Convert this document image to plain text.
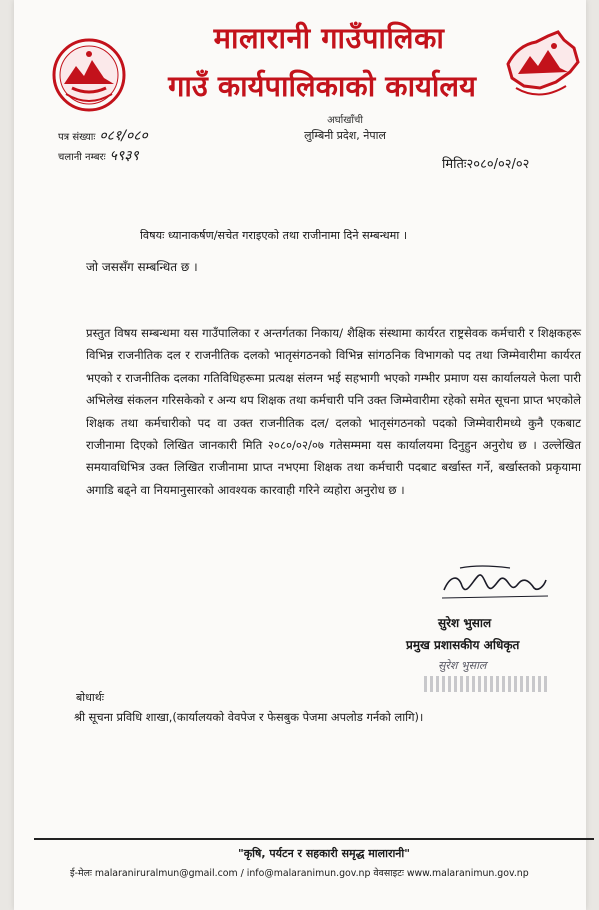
मालारानी गाउँपालिका
गाउँ कार्यपालिकाको कार्यालय
अर्घाखाँची
लुम्बिनी प्रदेश, नेपाल
पत्र संख्याः ०८१/०८०
चलानी नम्बरः ५९३९
मितिः२०८०/०२/०२
विषयः ध्यानाकर्षण/सचेत गराइएको तथा राजीनामा दिने सम्बन्धमा ।
जो जससँग सम्बन्धित छ ।
प्रस्तुत विषय सम्बन्धमा यस गाउँपालिका र अन्तर्गतका निकाय/ शैक्षिक संस्थामा कार्यरत राष्ट्रसेवक कर्मचारी र शिक्षकहरू विभिन्न राजनीतिक दल र राजनीतिक दलको भातृसंगठनको विभिन्न सांगठनिक विभागको पद तथा जिम्मेवारीमा कार्यरत भएको र राजनीतिक दलका गतिविधिहरूमा प्रत्यक्ष संलग्न भई सहभागी भएको गम्भीर प्रमाण यस कार्यालयले फेला पारी अभिलेख संकलन गरिसकेको र अन्य थप शिक्षक तथा कर्मचारी पनि उक्त जिम्मेवारीमा रहेको समेत सूचना प्राप्त भएकोले शिक्षक तथा कर्मचारीको पद वा उक्त राजनीतिक दल/ दलको भातृसंगठनको पदको जिम्मेवारीमध्ये कुनै एकबाट राजीनामा दिएको लिखित जानकारी मिति २०८०/०२/०७ गतेसम्ममा यस कार्यालयमा दिनुहुन अनुरोध छ । उल्लेखित समयावधिभित्र उक्त लिखित राजीनामा प्राप्त नभएमा शिक्षक तथा कर्मचारी पदबाट बर्खास्त गर्ने, बर्खास्तको प्रकृयामा अगाडि बढ्ने वा नियमानुसारको आवश्यक कारवाही गरिने व्यहोरा अनुरोध छ ।
सुरेश भुसाल
प्रमुख प्रशासकीय अधिकृत
सुरेश भुसाल
बोधार्थः
श्री सूचना प्रविधि शाखा,(कार्यालयको वेवपेज र फेसबुक पेजमा अपलोड गर्नको लागि)।
"कृषि, पर्यटन र सहकारी समृद्ध मालारानी"
ई-मेलः malaraniruralmun@gmail.com / info@malaranimun.gov.np वेवसाइटः www.malaranimun.gov.np
